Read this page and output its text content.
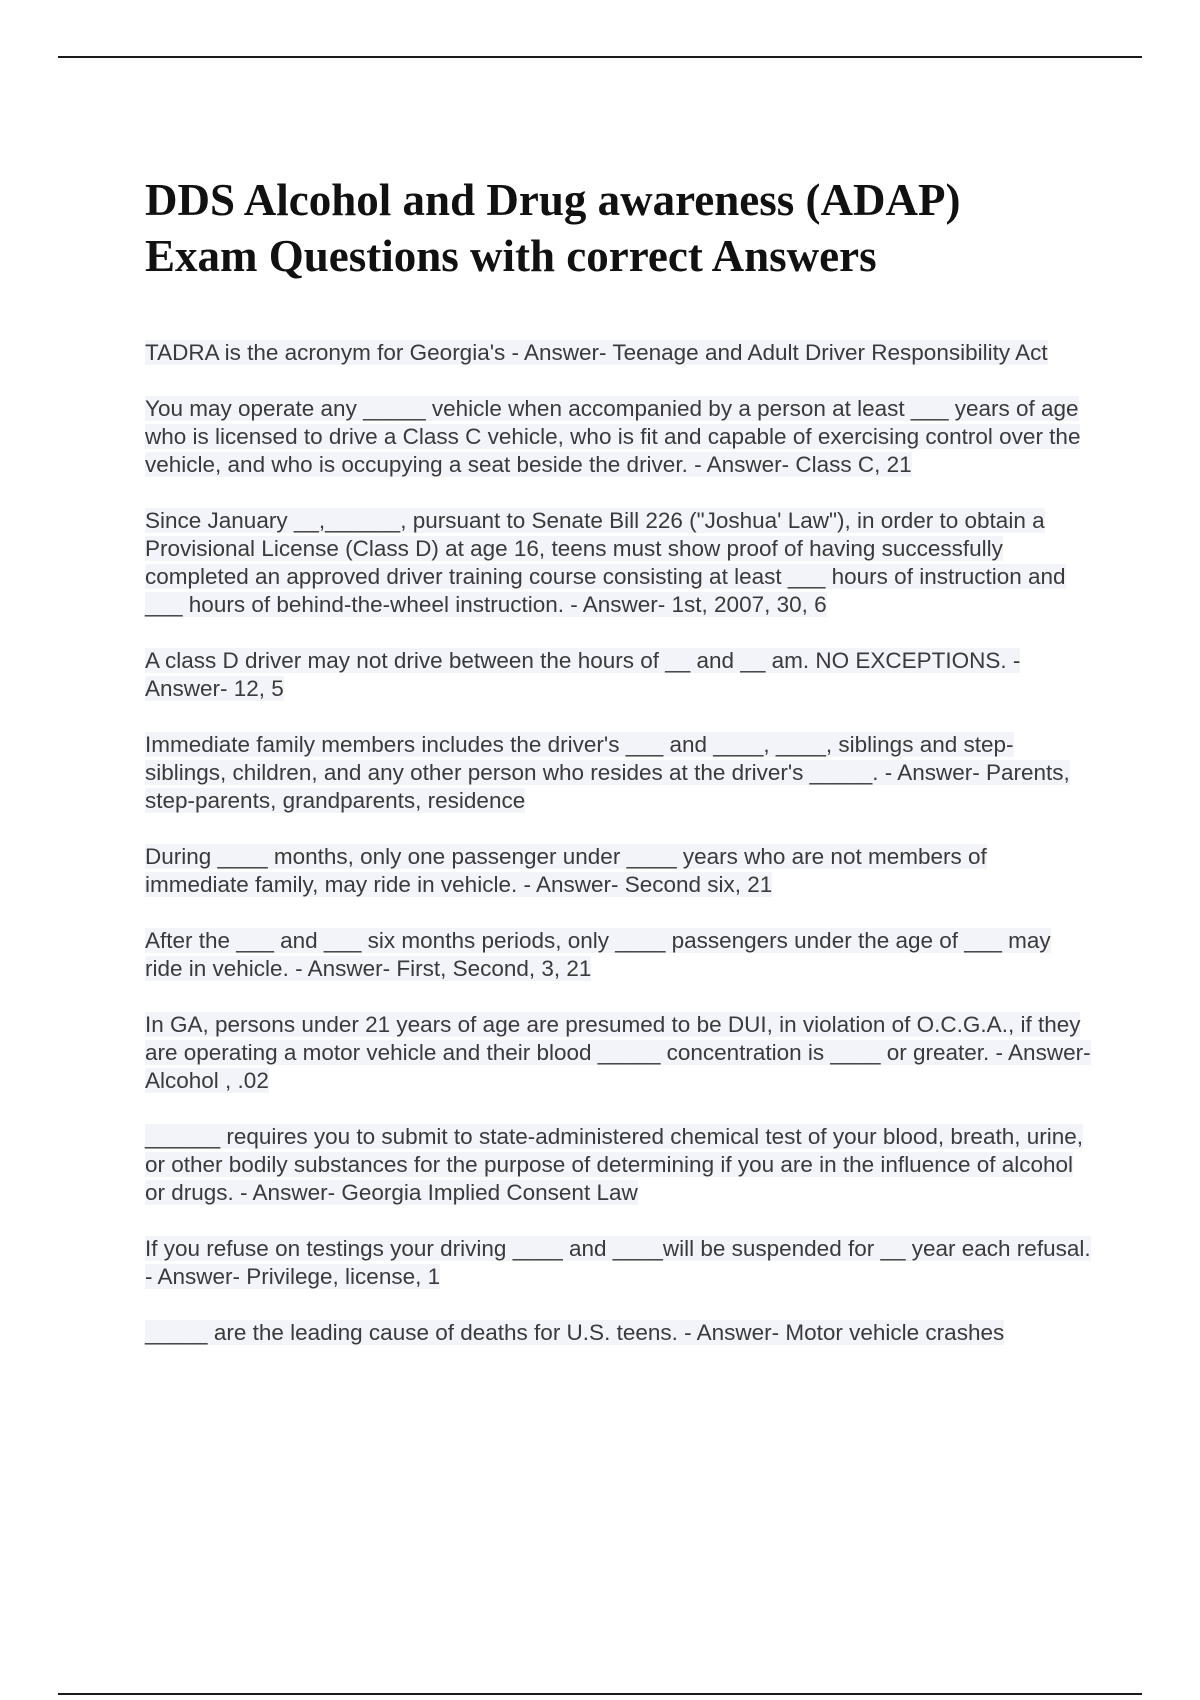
DDS Alcohol and Drug awareness (ADAP)
Exam Questions with correct Answers

TADRA is the acronym for Georgia's - Answer- Teenage and Adult Driver Responsibility Act

You may operate any _____ vehicle when accompanied by a person at least ___ years of age who is licensed to drive a Class C vehicle, who is fit and capable of exercising control over the vehicle, and who is occupying a seat beside the driver. - Answer- Class C, 21

Since January __,______, pursuant to Senate Bill 226 ("Joshua' Law"), in order to obtain a Provisional License (Class D) at age 16, teens must show proof of having successfully completed an approved driver training course consisting at least ___ hours of instruction and ___ hours of behind-the-wheel instruction. - Answer- 1st, 2007, 30, 6

A class D driver may not drive between the hours of __ and __ am. NO EXCEPTIONS. - Answer- 12, 5

Immediate family members includes the driver's ___ and ____, ____, siblings and step-siblings, children, and any other person who resides at the driver's _____. - Answer- Parents, step-parents, grandparents, residence

During ____ months, only one passenger under ____ years who are not members of immediate family, may ride in vehicle. - Answer- Second six, 21

After the ___ and ___ six months periods, only ____ passengers under the age of ___ may ride in vehicle. - Answer- First, Second, 3, 21

In GA, persons under 21 years of age are presumed to be DUI, in violation of O.C.G.A., if they are operating a motor vehicle and their blood _____ concentration is ____ or greater. - Answer- Alcohol , .02

______ requires you to submit to state-administered chemical test of your blood, breath, urine, or other bodily substances for the purpose of determining if you are in the influence of alcohol or drugs. - Answer- Georgia Implied Consent Law

If you refuse on testings your driving ____ and ____will be suspended for __ year each refusal. - Answer- Privilege, license, 1

_____ are the leading cause of deaths for U.S. teens. - Answer- Motor vehicle crashes
